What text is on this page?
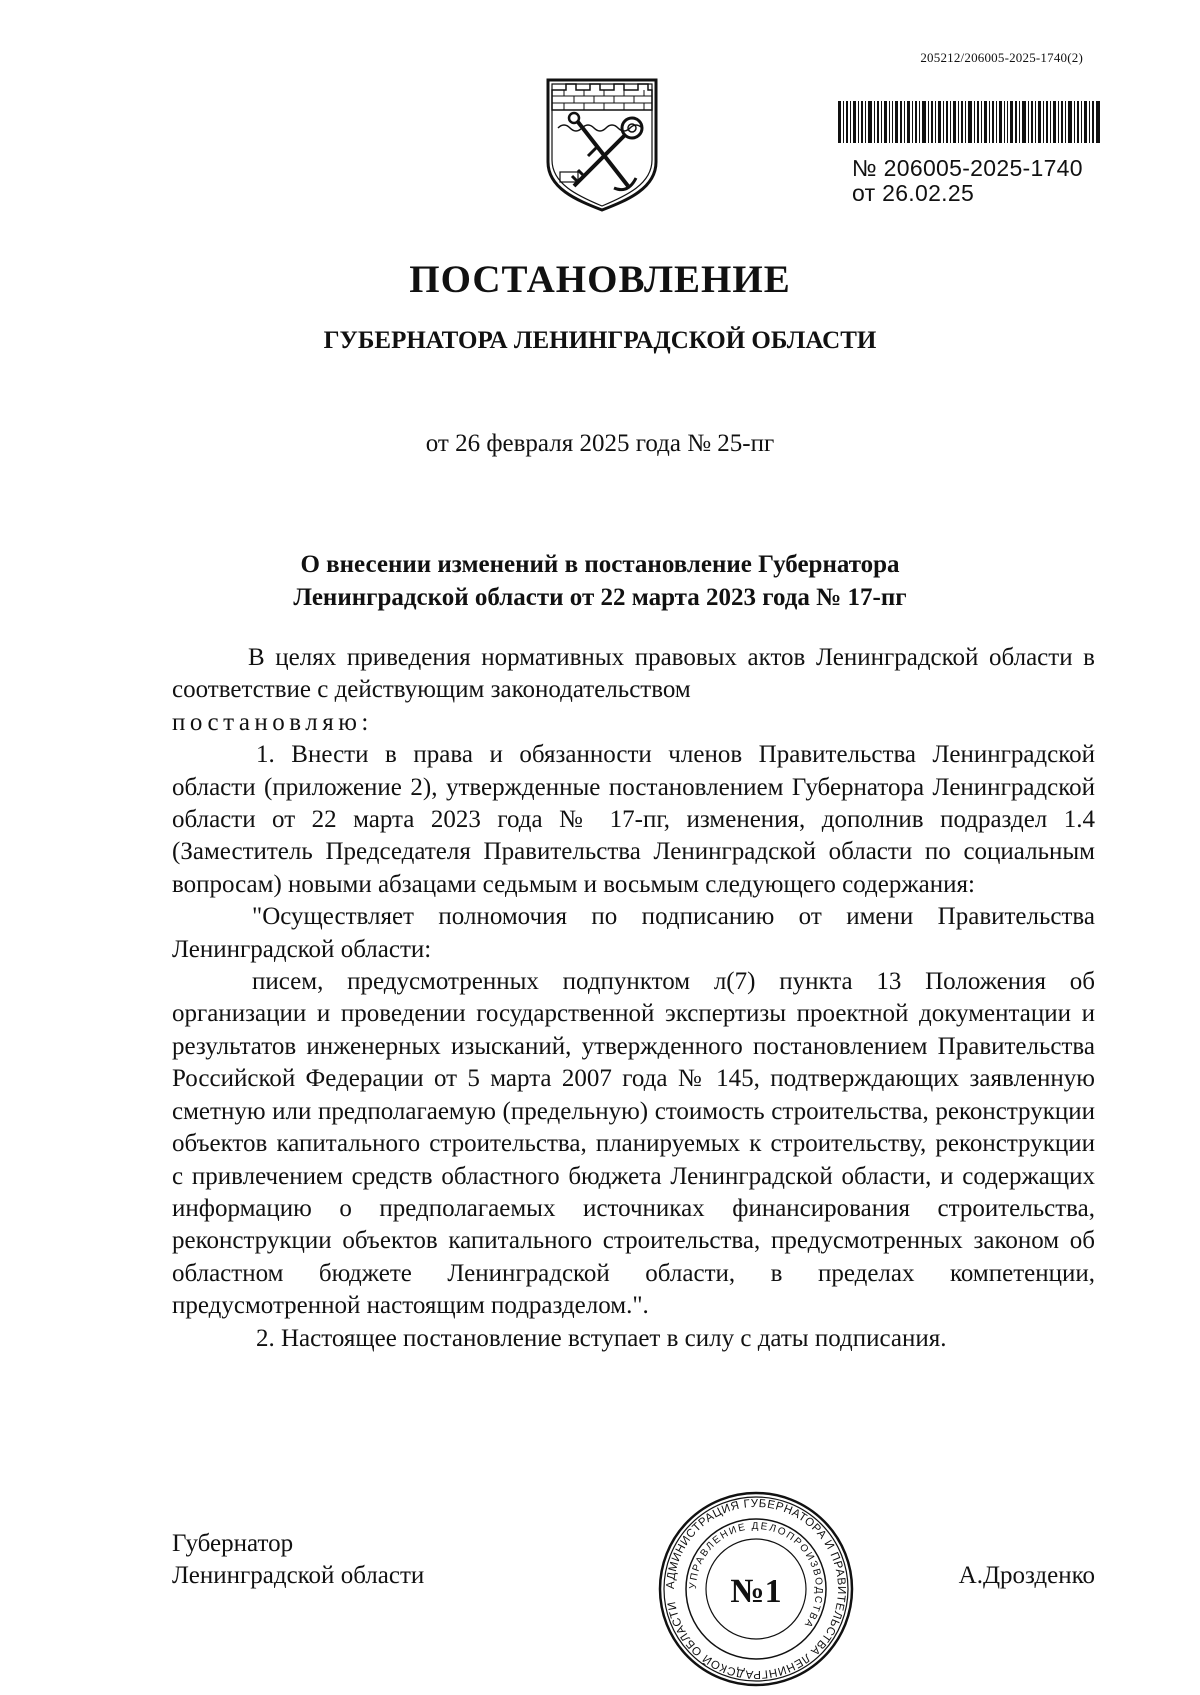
205212/206005-2025-1740(2)
№ 206005-2025-1740
от 26.02.25
ПОСТАНОВЛЕНИЕ
ГУБЕРНАТОРА ЛЕНИНГРАДСКОЙ ОБЛАСТИ
от 26 февраля 2025 года № 25-пг
О внесении изменений в постановление Губернатора
Ленинградской области от 22 марта 2023 года № 17-пг

В целях приведения нормативных правовых актов Ленинградской области в соответствие с действующим законодательством

постановляю:

1. Внести в права и обязанности членов Правительства Ленинградской области (приложение 2), утвержденные постановлением Губернатора Ленинградской области от 22 марта 2023 года № 17-пг, изменения, дополнив подраздел 1.4 (Заместитель Председателя Правительства Ленинградской области по социальным вопросам) новыми абзацами седьмым и восьмым следующего содержания:

"Осуществляет полномочия по подписанию от имени Правительства Ленинградской области:

писем, предусмотренных подпунктом л(7) пункта 13 Положения об организации и проведении государственной экспертизы проектной документации и результатов инженерных изысканий, утвержденного постановлением Правительства Российской Федерации от 5 марта 2007 года № 145, подтверждающих заявленную сметную или предполагаемую (предельную) стоимость строительства, реконструкции объектов капитального строительства, планируемых к строительству, реконструкции с привлечением средств областного бюджета Ленинградской области, и содержащих информацию о предполагаемых источниках финансирования строительства, реконструкции объектов капитального строительства, предусмотренных законом об областном бюджете Ленинградской области, в пределах компетенции, предусмотренной настоящим подразделом.".

2. Настоящее постановление вступает в силу с даты подписания.

Губернатор
Ленинградской области	АДМИНИСТРАЦИЯ ГУБЕРНАТОРА И ПРАВИТЕЛЬСТВА ЛЕНИНГРАДСКОЙ ОБЛАСТИ
УПРАВЛЕНИЕ ДЕЛОПРОИЗВОДСТВА
№1	А.Дрозденко
